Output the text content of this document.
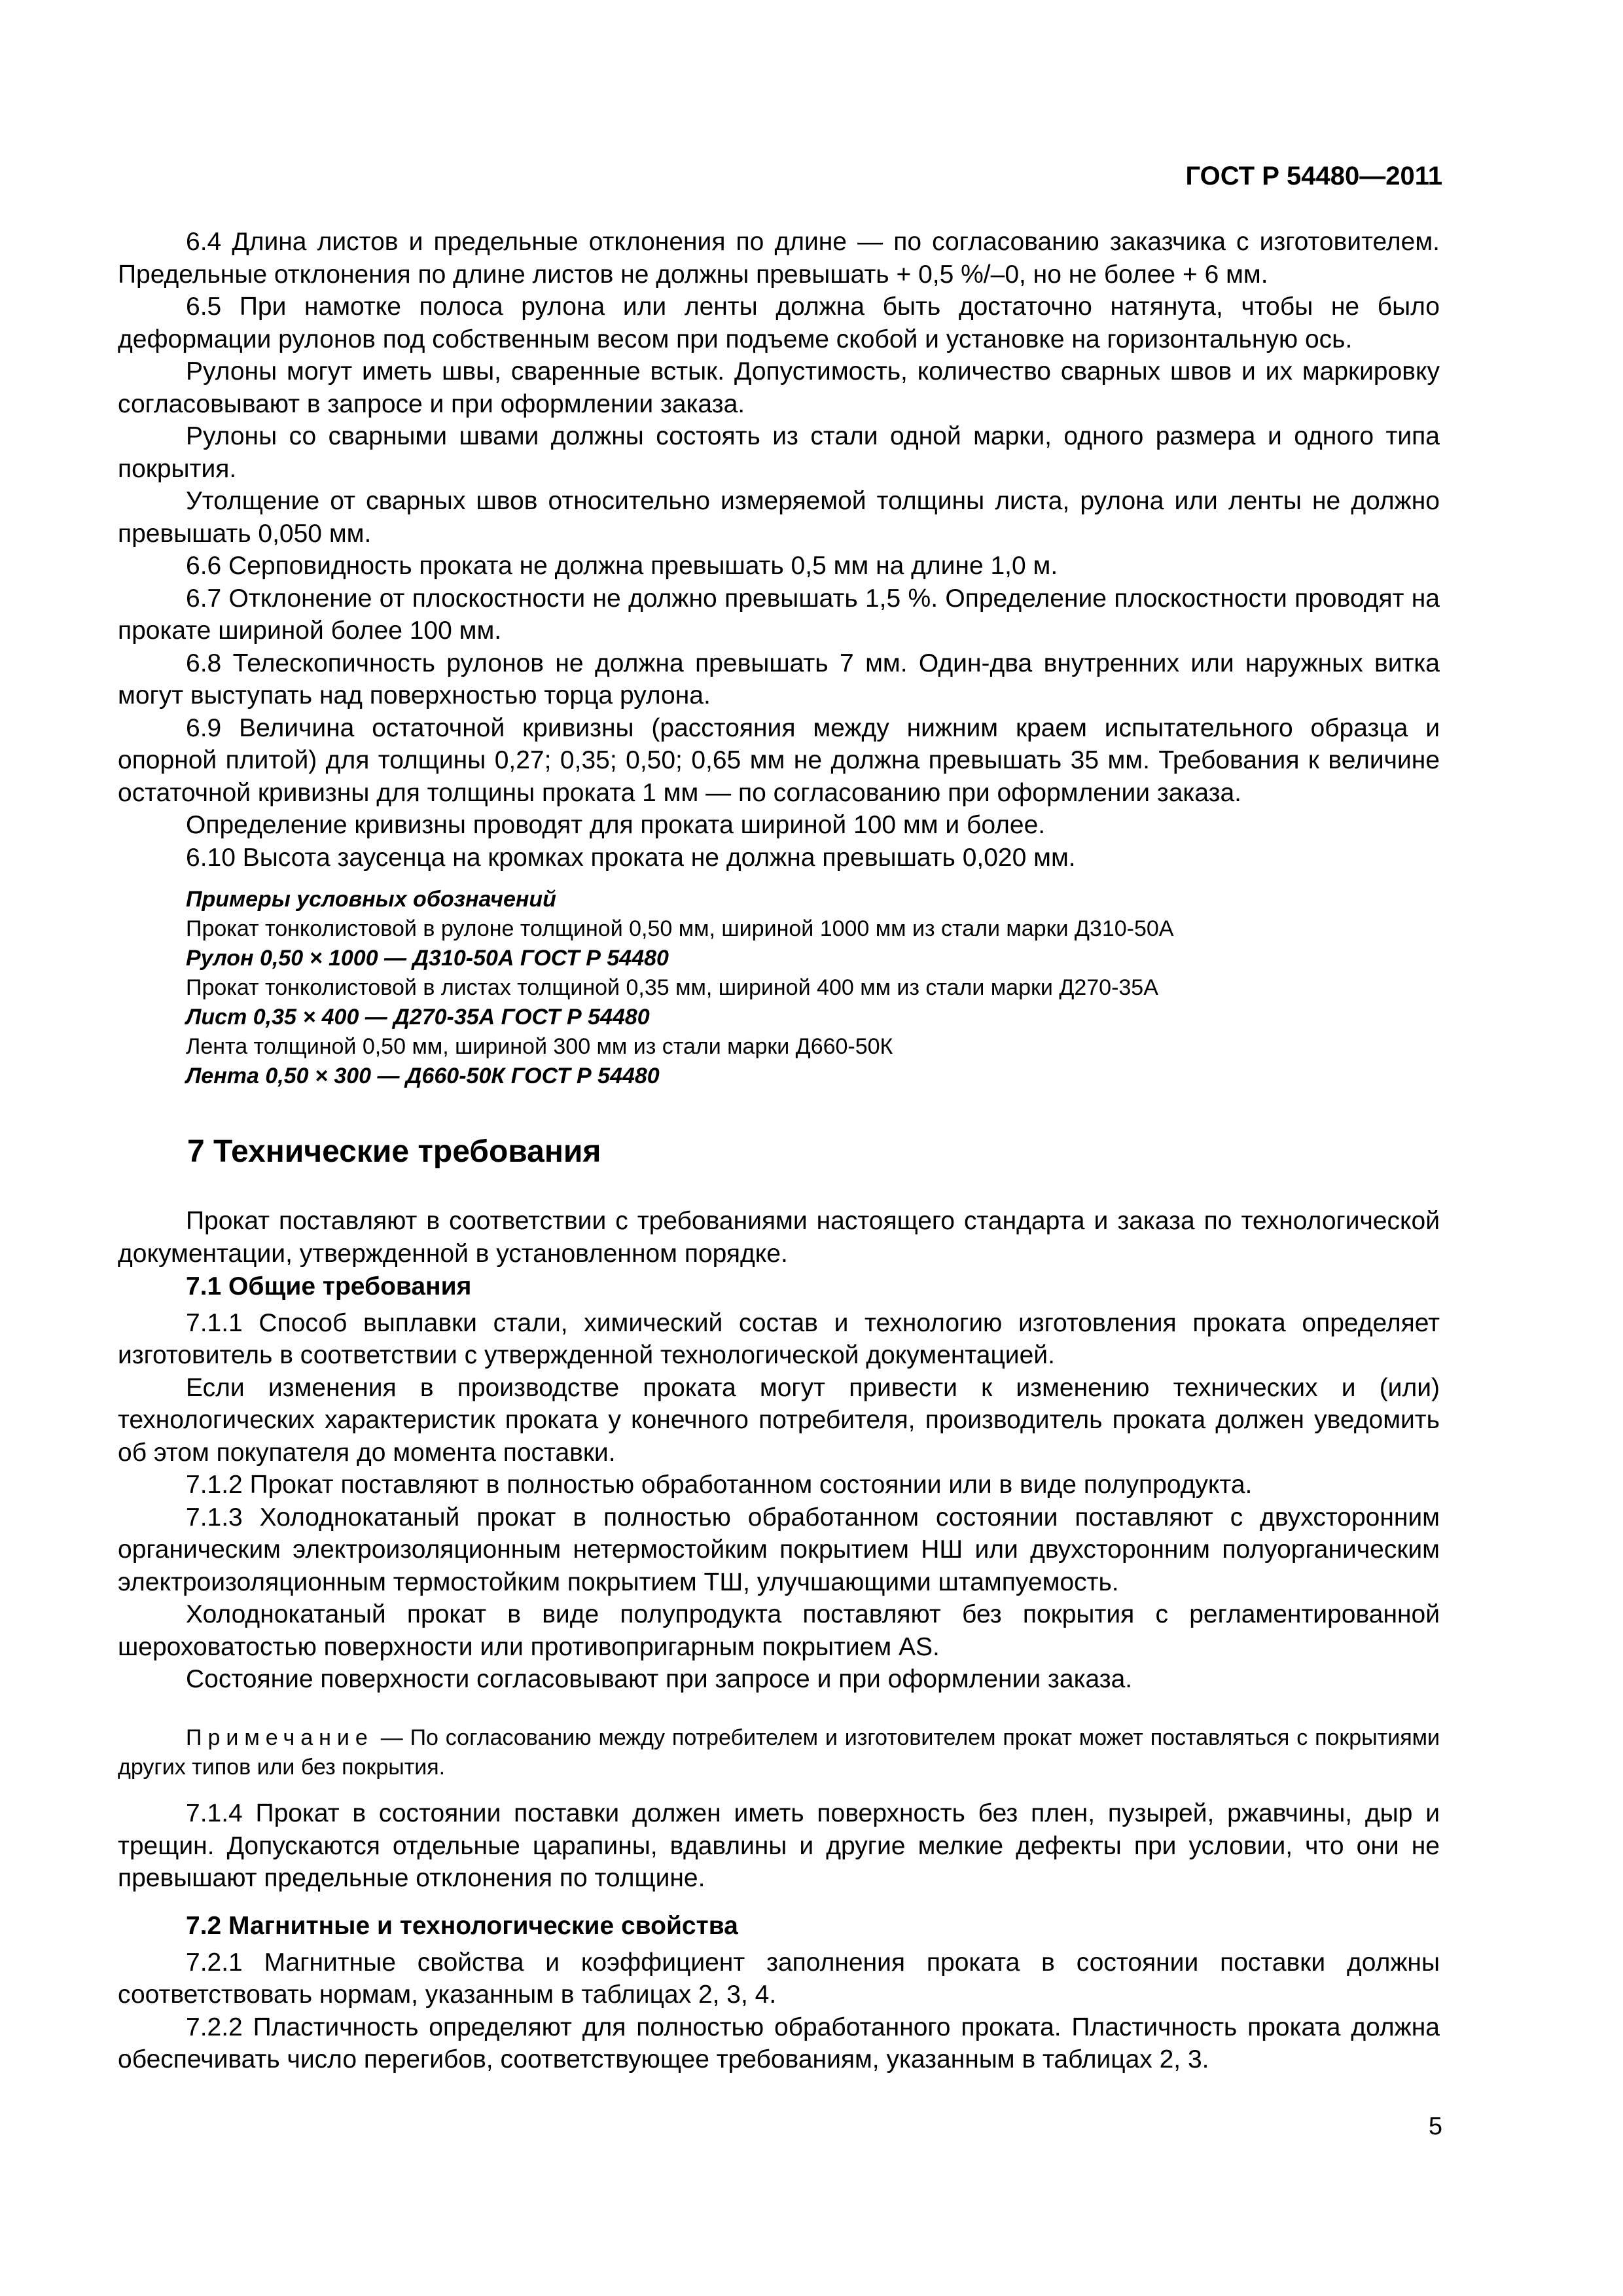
ГОСТ Р 54480—2011

6.4 Длина листов и предельные отклонения по длине — по согласованию заказчика с изготовителем. Предельные отклонения по длине листов не должны превышать + 0,5 %/–0, но не более + 6 мм.

6.5 При намотке полоса рулона или ленты должна быть достаточно натянута, чтобы не было деформации рулонов под собственным весом при подъеме скобой и установке на горизонтальную ось.

Рулоны могут иметь швы, сваренные встык. Допустимость, количество сварных швов и их маркировку согласовывают в запросе и при оформлении заказа.

Рулоны со сварными швами должны состоять из стали одной марки, одного размера и одного типа покрытия.

Утолщение от сварных швов относительно измеряемой толщины листа, рулона или ленты не должно превышать 0,050 мм.

6.6 Серповидность проката не должна превышать 0,5 мм на длине 1,0 м.

6.7 Отклонение от плоскостности не должно превышать 1,5 %. Определение плоскостности проводят на прокате шириной более 100 мм.

6.8 Телескопичность рулонов не должна превышать 7 мм. Один-два внутренних или наружных витка могут выступать над поверхностью торца рулона.

6.9 Величина остаточной кривизны (расстояния между нижним краем испытательного образца и опорной плитой) для толщины 0,27; 0,35; 0,50; 0,65 мм не должна превышать 35 мм. Требования к величине остаточной кривизны для толщины проката 1 мм — по согласованию при оформлении заказа.

Определение кривизны проводят для проката шириной 100 мм и более.

6.10 Высота заусенца на кромках проката не должна превышать 0,020 мм.

Примеры условных обозначений

Прокат тонколистовой в рулоне толщиной 0,50 мм, шириной 1000 мм из стали марки Д310-50А

Рулон 0,50 × 1000 — Д310-50А ГОСТ Р 54480

Прокат тонколистовой в листах толщиной 0,35 мм, шириной 400 мм из стали марки Д270-35А

Лист 0,35 × 400 — Д270-35А ГОСТ Р 54480

Лента толщиной 0,50 мм, шириной 300 мм из стали марки Д660-50К

Лента 0,50 × 300 — Д660-50К ГОСТ Р 54480

7 Технические требования

Прокат поставляют в соответствии с требованиями настоящего стандарта и заказа по технологической документации, утвержденной в установленном порядке.

7.1 Общие требования

7.1.1 Способ выплавки стали, химический состав и технологию изготовления проката определяет изготовитель в соответствии с утвержденной технологической документацией.

Если изменения в производстве проката могут привести к изменению технических и (или) технологических характеристик проката у конечного потребителя, производитель проката должен уведомить об этом покупателя до момента поставки.

7.1.2 Прокат поставляют в полностью обработанном состоянии или в виде полупродукта.

7.1.3 Холоднокатаный прокат в полностью обработанном состоянии поставляют с двухсторонним органическим электроизоляционным нетермостойким покрытием НШ или двухсторонним полуорганическим электроизоляционным термостойким покрытием ТШ, улучшающими штампуемость.

Холоднокатаный прокат в виде полупродукта поставляют без покрытия с регламентированной шероховатостью поверхности или противопригарным покрытием AS.

Состояние поверхности согласовывают при запросе и при оформлении заказа.

Примечание — По согласованию между потребителем и изготовителем прокат может поставляться с покрытиями других типов или без покрытия.

7.1.4 Прокат в состоянии поставки должен иметь поверхность без плен, пузырей, ржавчины, дыр и трещин. Допускаются отдельные царапины, вдавлины и другие мелкие дефекты при условии, что они не превышают предельные отклонения по толщине.

7.2 Магнитные и технологические свойства

7.2.1 Магнитные свойства и коэффициент заполнения проката в состоянии поставки должны соответствовать нормам, указанным в таблицах 2, 3, 4.

7.2.2 Пластичность определяют для полностью обработанного проката. Пластичность проката должна обеспечивать число перегибов, соответствующее требованиям, указанным в таблицах 2, 3.

5
